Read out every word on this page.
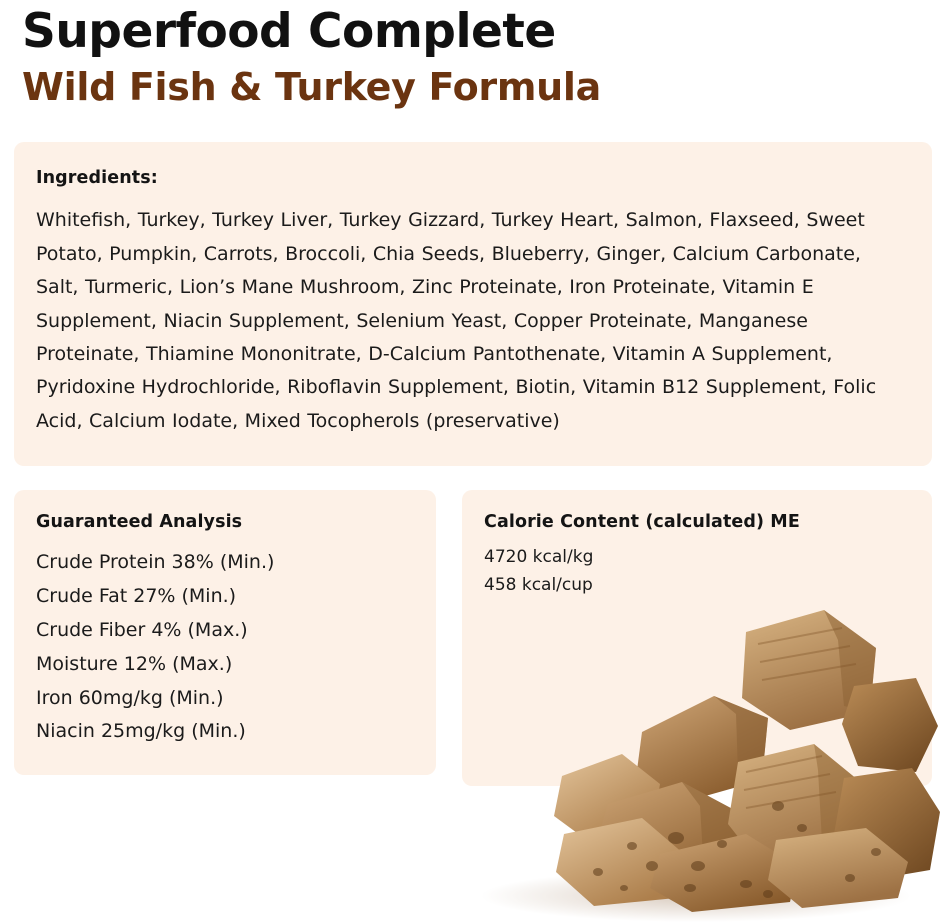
Superfood Complete
Wild Fish & Turkey Formula
Ingredients:

Whitefish, Turkey, Turkey Liver, Turkey Gizzard, Turkey Heart, Salmon, Flaxseed, Sweet Potato, Pumpkin, Carrots, Broccoli, Chia Seeds, Blueberry, Ginger, Calcium Carbonate, Salt, Turmeric, Lion’s Mane Mushroom, Zinc Proteinate, Iron Proteinate, Vitamin E Supplement, Niacin Supplement, Selenium Yeast, Copper Proteinate, Manganese Proteinate, Thiamine Mononitrate, D-Calcium Pantothenate, Vitamin A Supplement, Pyridoxine Hydrochloride, Riboflavin Supplement, Biotin, Vitamin B12 Supplement, Folic Acid, Calcium Iodate, Mixed Tocopherols (preservative)

Guaranteed Analysis
Crude Protein 38% (Min.)
Crude Fat 27% (Min.)
Crude Fiber 4% (Max.)
Moisture 12% (Max.)
Iron 60mg/kg (Min.)
Niacin 25mg/kg (Min.)
Calorie Content (calculated) ME
4720 kcal/kg
458 kcal/cup
